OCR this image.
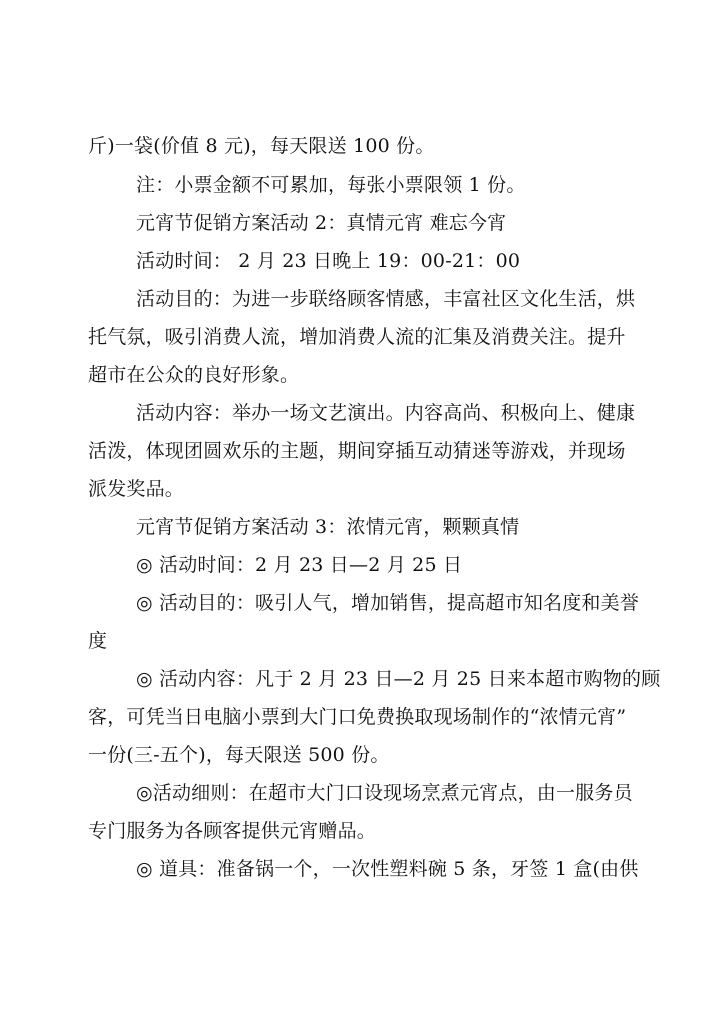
斤)一袋(价值 8 元)，每天限送 100 份。
注：小票金额不可累加，每张小票限领 1 份。
元宵节促销方案活动 2：真情元宵 难忘今宵
活动时间： 2 月 23 日晚上 19：00-21：00
活动目的：为进一步联络顾客情感，丰富社区文化生活，烘
托气氛，吸引消费人流，增加消费人流的汇集及消费关注。提升
超市在公众的良好形象。
活动内容：举办一场文艺演出。内容高尚、积极向上、健康
活泼，体现团圆欢乐的主题，期间穿插互动猜迷等游戏，并现场
派发奖品。
元宵节促销方案活动 3：浓情元宵，颗颗真情
◎ 活动时间：2 月 23 日—2 月 25 日
◎ 活动目的：吸引人气，增加销售，提高超市知名度和美誉
度
◎ 活动内容：凡于 2 月 23 日—2 月 25 日来本超市购物的顾
客，可凭当日电脑小票到大门口免费换取现场制作的“浓情元宵”
一份(三-五个)，每天限送 500 份。
◎活动细则：在超市大门口设现场烹煮元宵点，由一服务员
专门服务为各顾客提供元宵赠品。
◎ 道具：准备锅一个，一次性塑料碗 5 条，牙签 1 盒(由供
